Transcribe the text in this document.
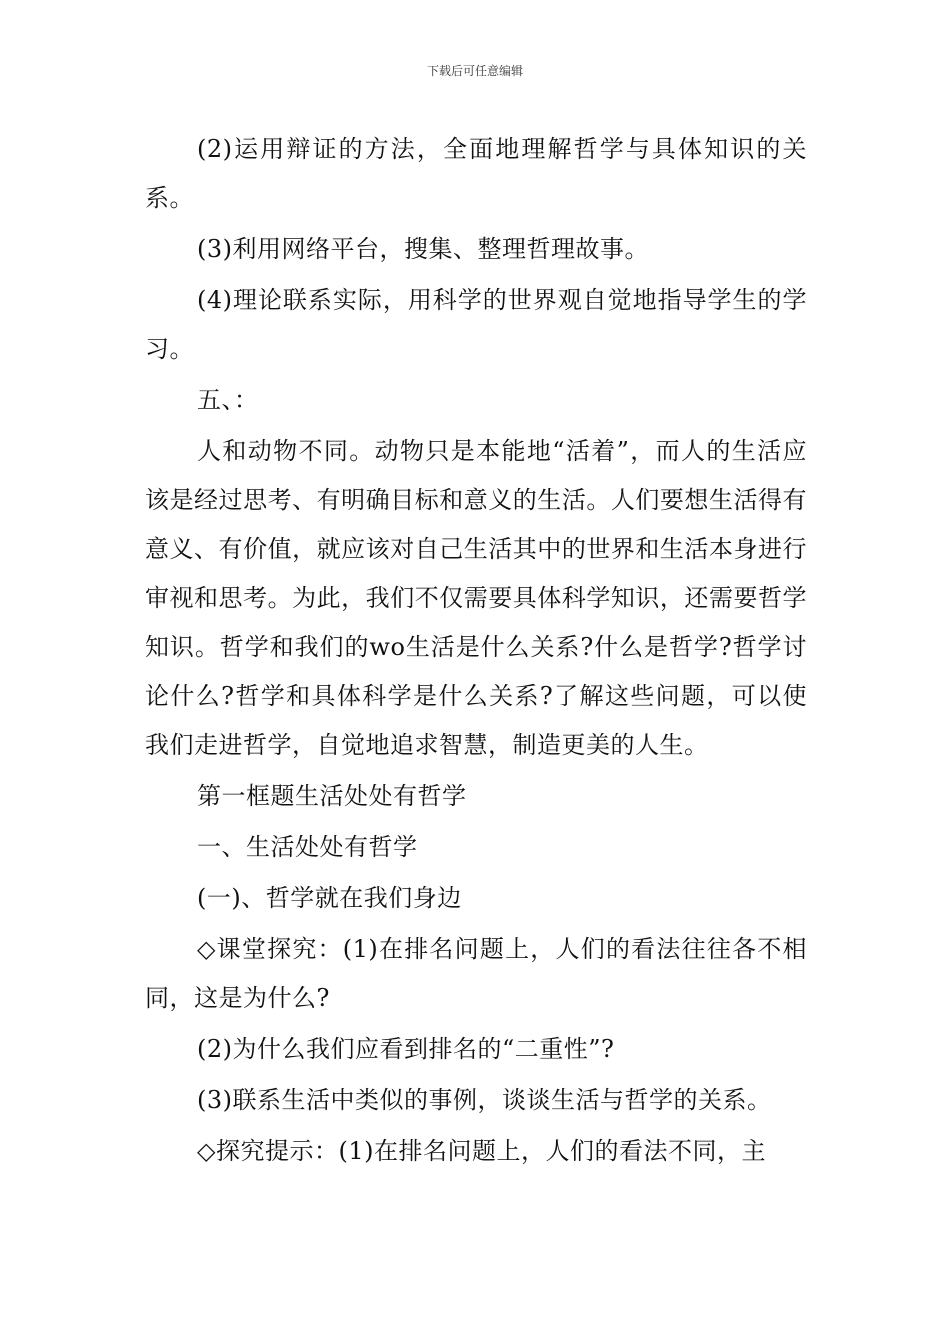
下载后可任意编辑

(2)运用辩证的方法，全面地理解哲学与具体知识的关系。

(3)利用网络平台，搜集、整理哲理故事。

(4)理论联系实际，用科学的世界观自觉地指导学生的学习。

五、：

人和动物不同。动物只是本能地“活着”，而人的生活应该是经过思考、有明确目标和意义的生活。人们要想生活得有意义、有价值，就应该对自己生活其中的世界和生活本身进行审视和思考。为此，我们不仅需要具体科学知识，还需要哲学知识。哲学和我们的wo生活是什么关系?什么是哲学?哲学讨论什么?哲学和具体科学是什么关系?了解这些问题，可以使我们走进哲学，自觉地追求智慧，制造更美的人生。

第一框题生活处处有哲学

一、生活处处有哲学

(一)、哲学就在我们身边

◇课堂探究：(1)在排名问题上，人们的看法往往各不相同，这是为什么?

(2)为什么我们应看到排名的“二重性”?

(3)联系生活中类似的事例，谈谈生活与哲学的关系。

◇探究提示：(1)在排名问题上，人们的看法不同，主
